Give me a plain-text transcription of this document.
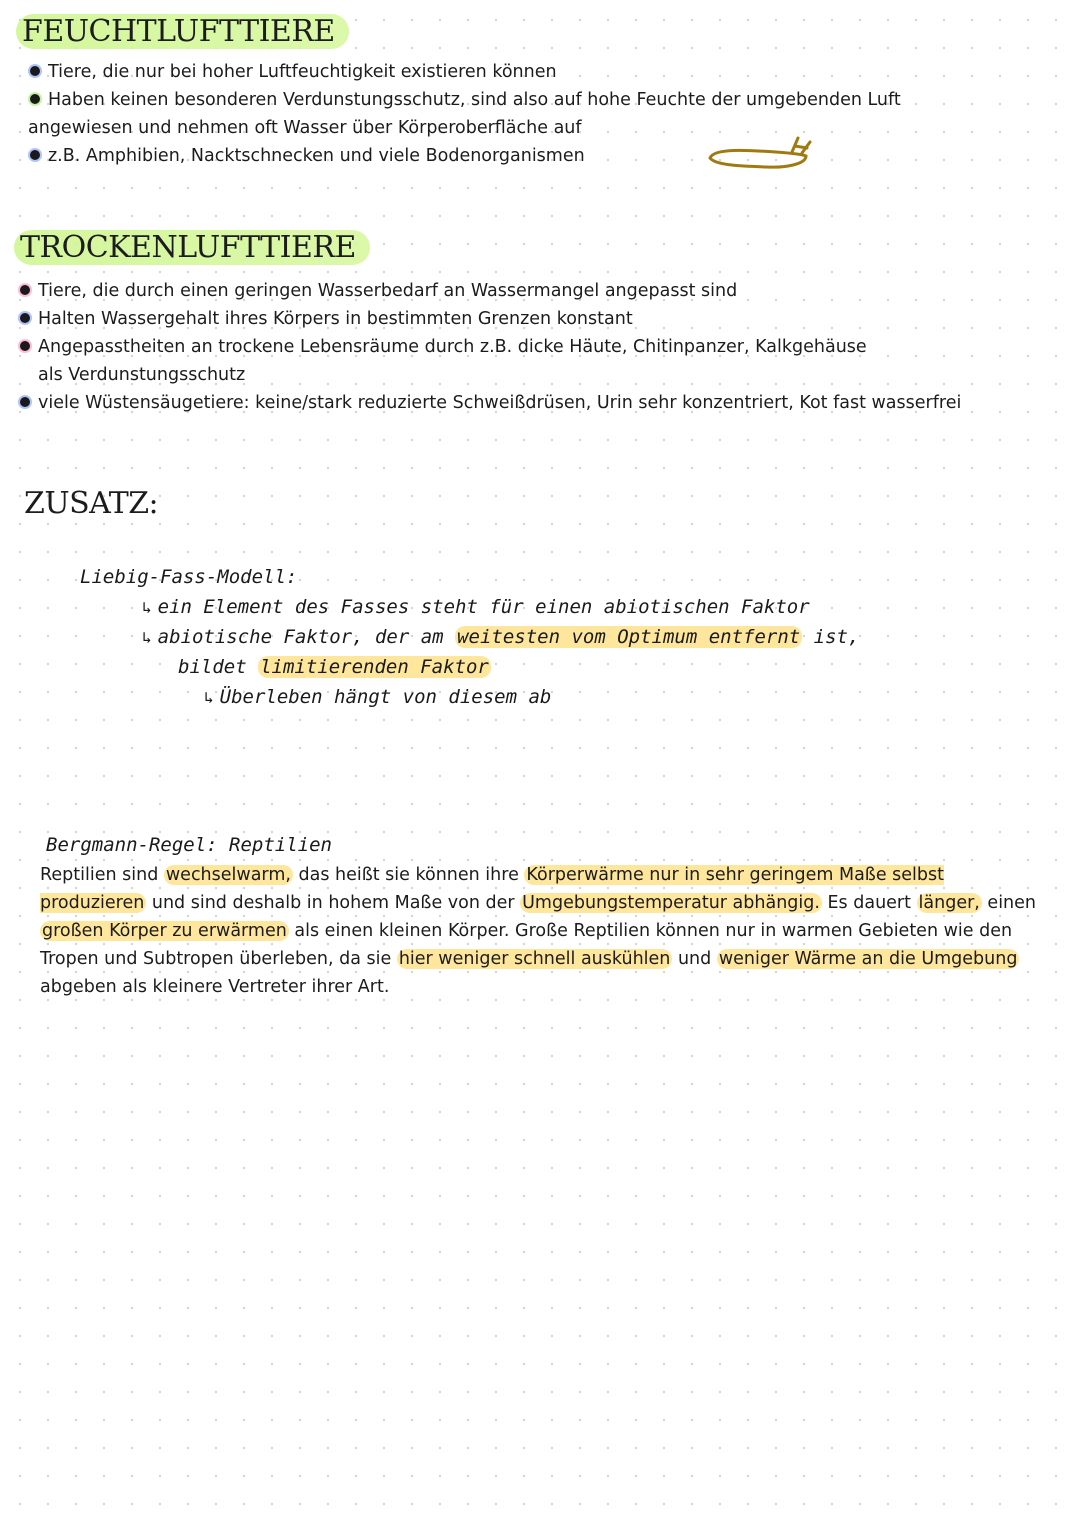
FEUCHTLUFTTIERE
Tiere, die nur bei hoher Luftfeuchtigkeit existieren können
Haben keinen besonderen Verdunstungsschutz, sind also auf hohe Feuchte der umgebenden Luft
angewiesen und nehmen oft Wasser über Körperoberfläche auf
z.B. Amphibien, Nacktschnecken und viele Bodenorganismen
TROCKENLUFTTIERE
Tiere, die durch einen geringen Wasserbedarf an Wassermangel angepasst sind
Halten Wassergehalt ihres Körpers in bestimmten Grenzen konstant
Angepasstheiten an trockene Lebensräume durch z.B. dicke Häute, Chitinpanzer, Kalkgehäuse
als Verdunstungsschutz
viele Wüstensäugetiere: keine/stark reduzierte Schweißdrüsen, Urin sehr konzentriert, Kot fast wasserfrei
ZUSATZ:
Liebig-Fass-Modell:
↳ ein Element des Fasses steht für einen abiotischen Faktor
↳ abiotische Faktor, der am weitesten vom Optimum entfernt ist,
bildet limitierenden Faktor
↳ Überleben hängt von diesem ab
Bergmann-Regel: Reptilien
Reptilien sind wechselwarm, das heißt sie können ihre Körperwärme nur in sehr geringem Maße selbst produzieren und sind deshalb in hohem Maße von der Umgebungstemperatur abhängig. Es dauert länger, einen großen Körper zu erwärmen als einen kleinen Körper. Große Reptilien können nur in warmen Gebieten wie den Tropen und Subtropen überleben, da sie hier weniger schnell auskühlen und weniger Wärme an die Umgebung abgeben als kleinere Vertreter ihrer Art.
